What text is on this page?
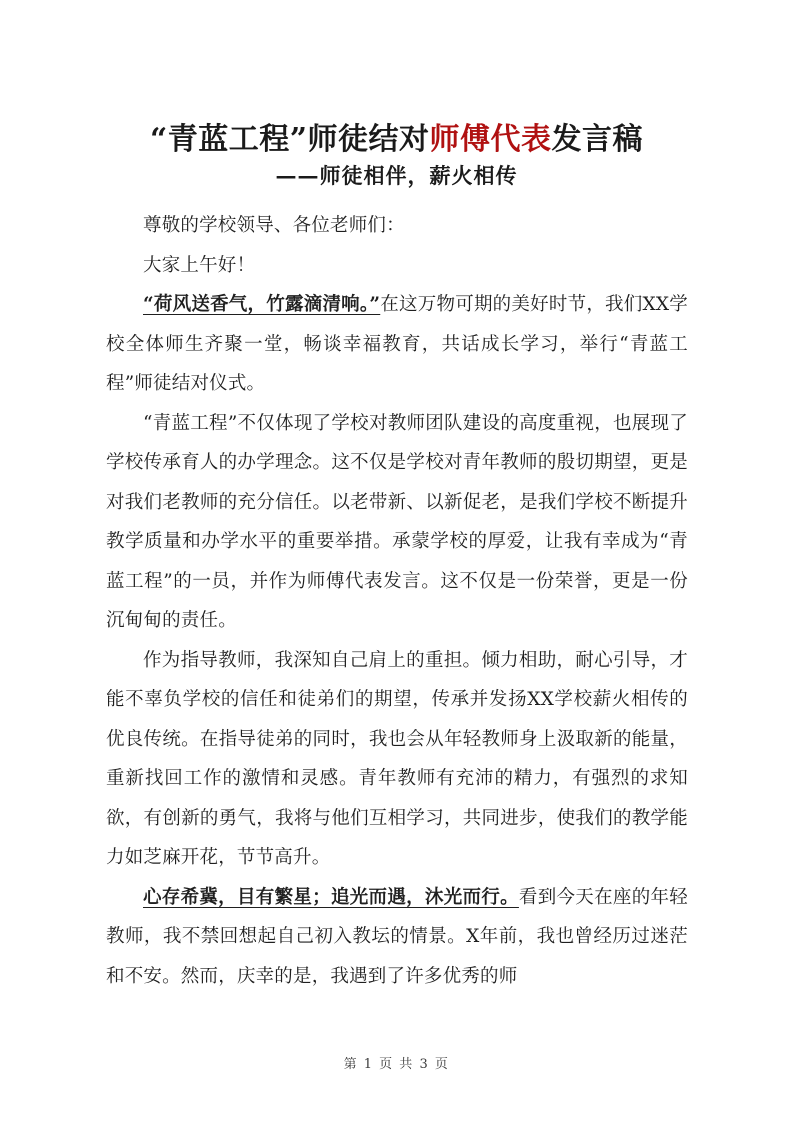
“青蓝工程”师徒结对师傅代表发言稿
——师徒相伴，薪火相传

尊敬的学校领导、各位老师们：

大家上午好！

“荷风送香气，竹露滴清响。”在这万物可期的美好时节，我们XX学校全体师生齐聚一堂，畅谈幸福教育，共话成长学习，举行“青蓝工程”师徒结对仪式。

“青蓝工程”不仅体现了学校对教师团队建设的高度重视，也展现了学校传承育人的办学理念。这不仅是学校对青年教师的殷切期望，更是对我们老教师的充分信任。以老带新、以新促老，是我们学校不断提升教学质量和办学水平的重要举措。承蒙学校的厚爱，让我有幸成为“青蓝工程”的一员，并作为师傅代表发言。这不仅是一份荣誉，更是一份沉甸甸的责任。

作为指导教师，我深知自己肩上的重担。倾力相助，耐心引导，才能不辜负学校的信任和徒弟们的期望，传承并发扬XX学校薪火相传的优良传统。在指导徒弟的同时，我也会从年轻教师身上汲取新的能量，重新找回工作的激情和灵感。青年教师有充沛的精力，有强烈的求知欲，有创新的勇气，我将与他们互相学习，共同进步，使我们的教学能力如芝麻开花，节节高升。

心存希冀，目有繁星；追光而遇，沐光而行。看到今天在座的年轻教师，我不禁回想起自己初入教坛的情景。X年前，我也曾经历过迷茫和不安。然而，庆幸的是，我遇到了许多优秀的师

第 1 页 共 3 页
